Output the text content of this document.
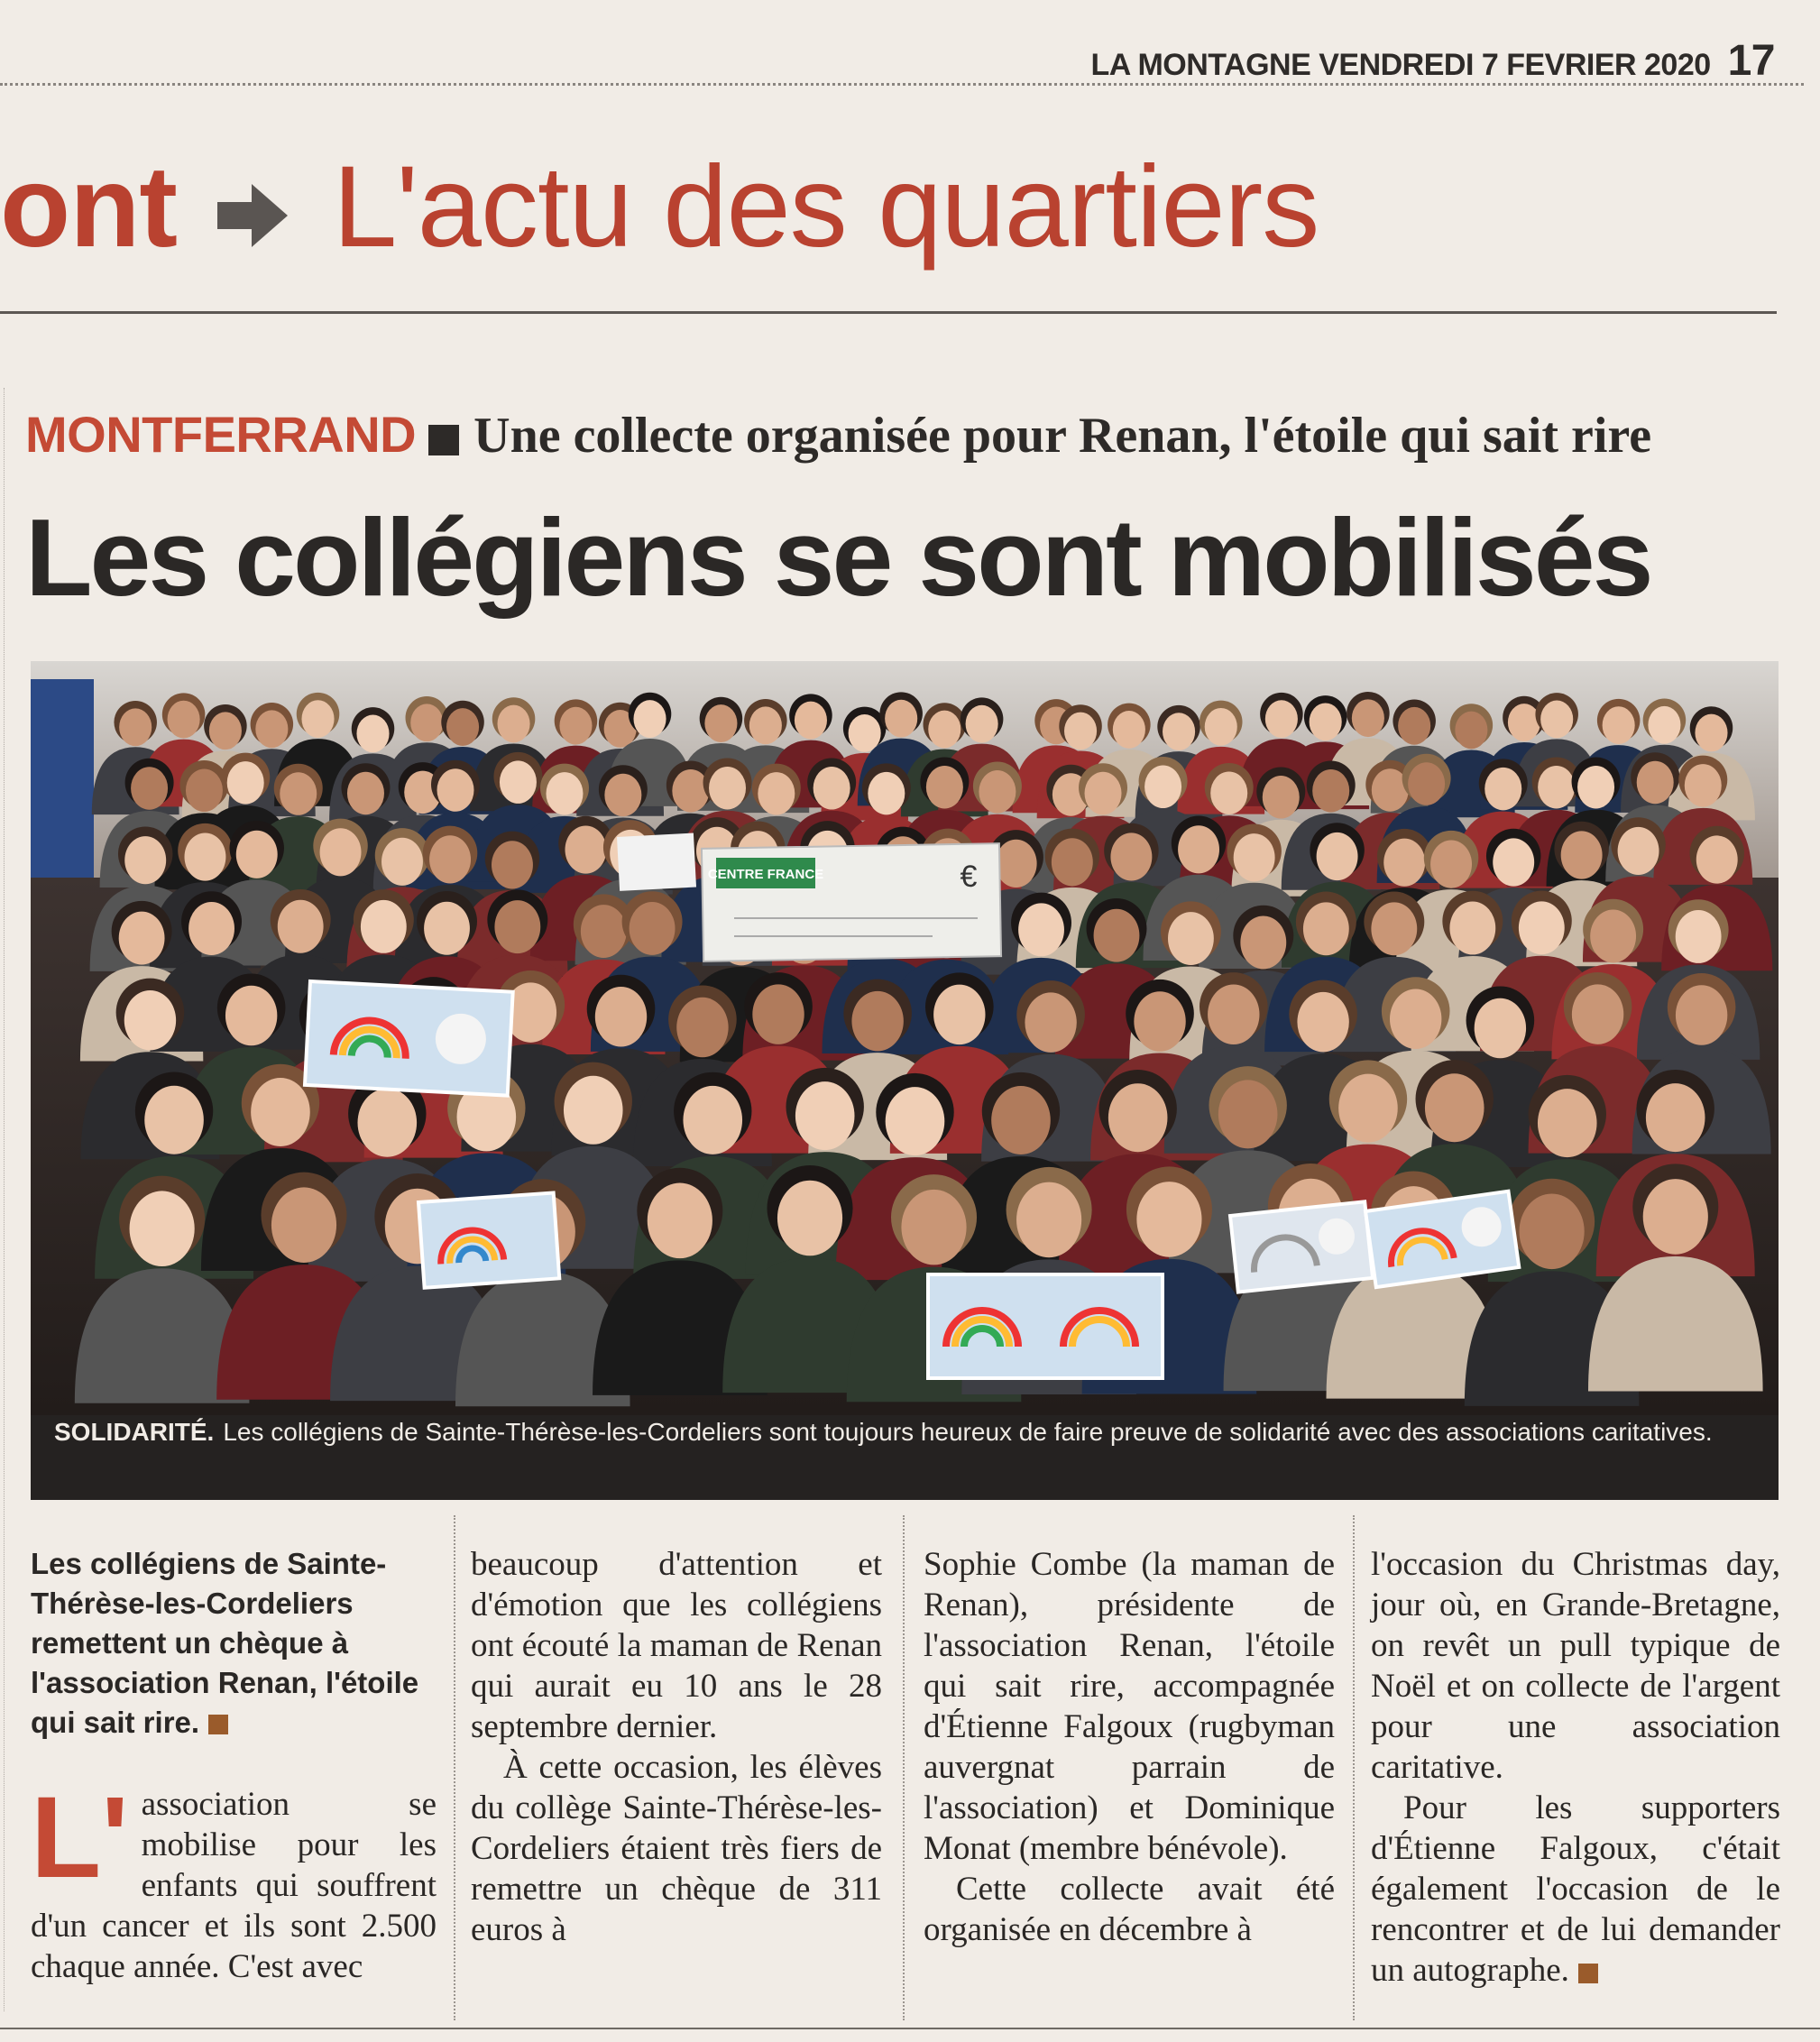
LA MONTAGNE VENDREDI 7 FEVRIER 2020 17
ont L'actu des quartiers
MONTFERRAND Une collecte organisée pour Renan, l'étoile qui sait rire
Les collégiens se sont mobilisés
CENTRE FRANCE	€
SOLIDARITÉ. Les collégiens de Sainte-Thérèse-les-Cordeliers sont toujours heureux de faire preuve de solidarité avec des associations caritatives.

Les collégiens de Sainte-Thérèse-les-Cordeliers remettent un chèque à l'association Renan, l'étoile qui sait rire.

L' association se mobilise pour les enfants qui souffrent d'un cancer et ils sont 2.500 chaque année. C'est avec

beaucoup d'attention et d'émotion que les collégiens ont écouté la maman de Renan qui aurait eu 10 ans le 28 septembre dernier.

À cette occasion, les élèves du collège Sainte-Thérèse-les-Cordeliers étaient très fiers de remettre un chèque de 311 euros à

Sophie Combe (la maman de Renan), présidente de l'association Renan, l'étoile qui sait rire, accompagnée d'Étienne Falgoux (rugbyman auvergnat parrain de l'association) et Dominique Monat (membre bénévole).

Cette collecte avait été organisée en décembre à

l'occasion du Christmas day, jour où, en Grande-Bretagne, on revêt un pull typique de Noël et on collecte de l'argent pour une association caritative.

Pour les supporters d'Étienne Falgoux, c'était également l'occasion de le rencontrer et de lui demander un autographe.
